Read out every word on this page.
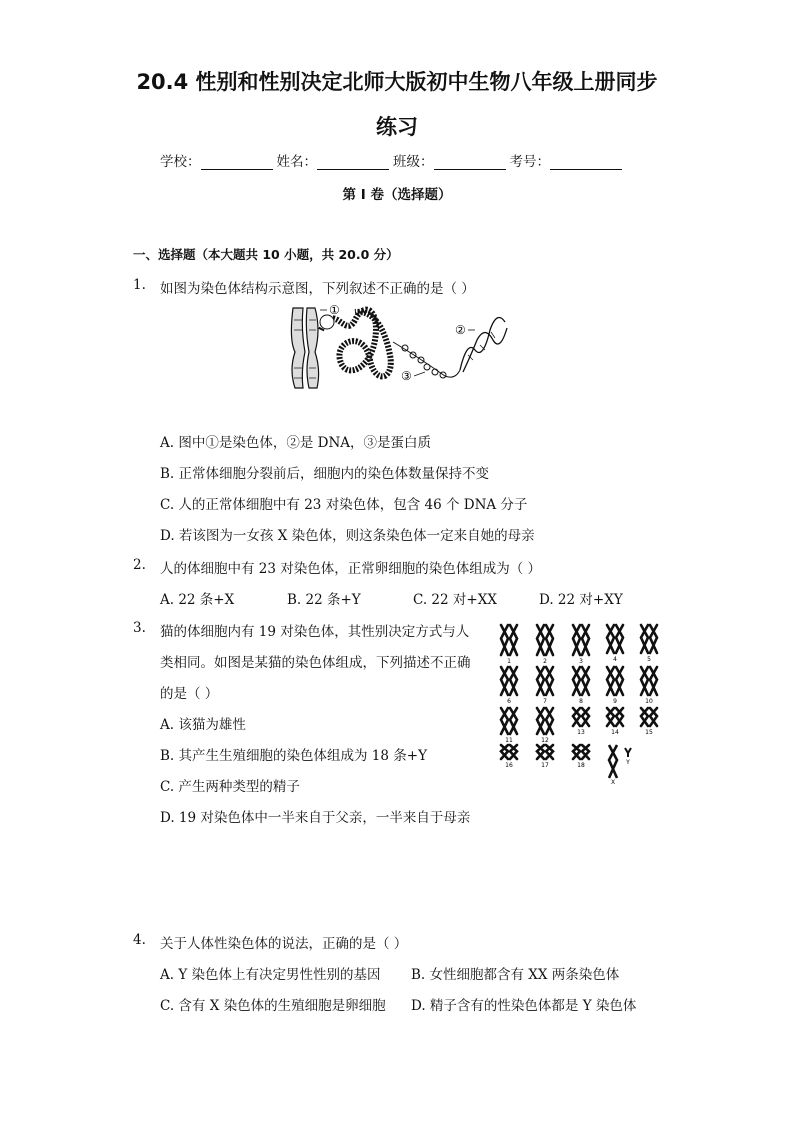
20.4 性别和性别决定北师大版初中生物八年级上册同步
练习
学校：	姓名：	班级：	考号：
第 I 卷（选择题）
一、选择题（本大题共 10 小题，共 20.0 分）
1. 如图为染色体结构示意图，下列叙述不正确的是（ ）
①
②
③
A. 图中①是染色体，②是 DNA，③是蛋白质
B. 正常体细胞分裂前后，细胞内的染色体数量保持不变
C. 人的正常体细胞中有 23 对染色体，包含 46 个 DNA 分子
D. 若该图为一女孩 X 染色体，则这条染色体一定来自她的母亲
2. 人的体细胞中有 23 对染色体，正常卵细胞的染色体组成为（ ）
A. 22 条+X	B. 22 条+Y	C. 22 对+XX	D. 22 对+XY
3. 猫的体细胞内有 19 对染色体，其性别决定方式与人
类相同。如图是某猫的染色体组成，下列描述不正确
的是（ ）
A. 该猫为雄性
B. 其产生生殖细胞的染色体组成为 18 条+Y
C. 产生两种类型的精子
D. 19 对染色体中一半来自于父亲，一半来自于母亲
1	2	3	4	5
6	7	8	9	10
11	12
13	14	15
16	17	18	Y
X
4. 关于人体性染色体的说法，正确的是（ ）
A. Y 染色体上有决定男性性别的基因 B. 女性细胞都含有 XX 两条染色体
C. 含有 X 染色体的生殖细胞是卵细胞 D. 精子含有的性染色体都是 Y 染色体
